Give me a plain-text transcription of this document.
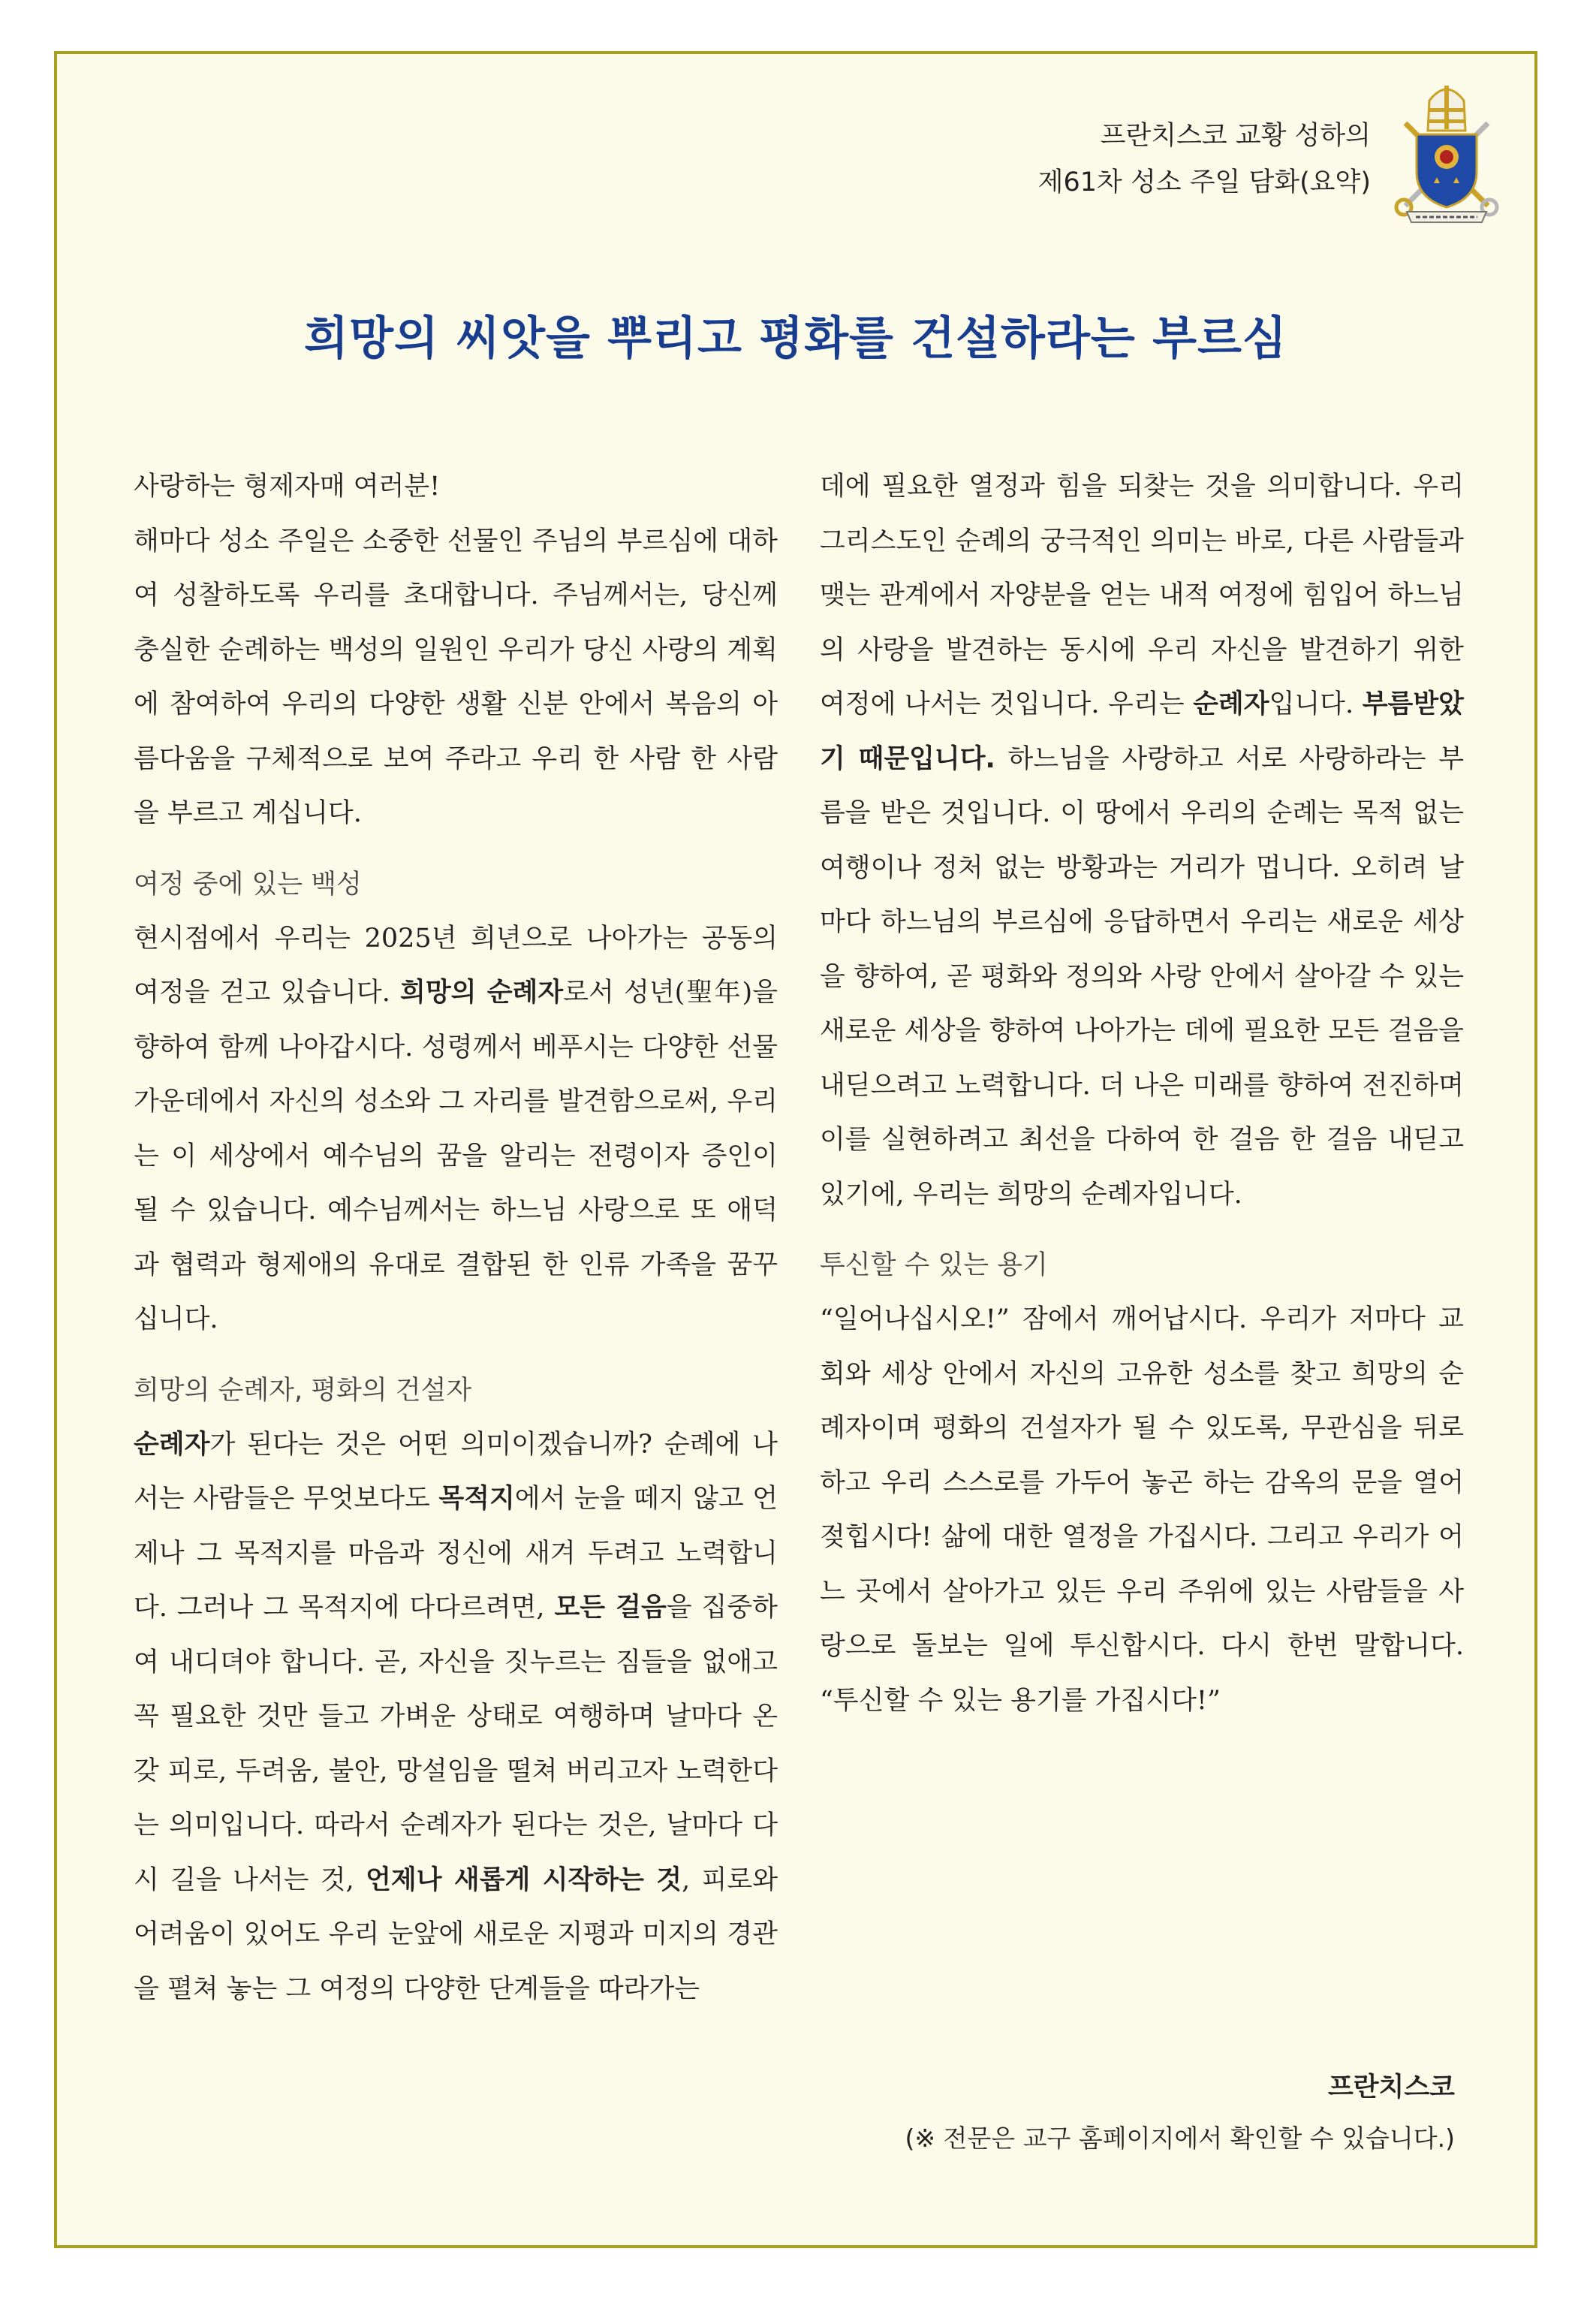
프란치스코 교황 성하의
제61차 성소 주일 담화(요약)
희망의 씨앗을 뿌리고 평화를 건설하라는 부르심

사랑하는 형제자매 여러분!

해마다 성소 주일은 소중한 선물인 주님의 부르심에 대하여 성찰하도록 우리를 초대합니다. 주님께서는, 당신께 충실한 순례하는 백성의 일원인 우리가 당신 사랑의 계획에 참여하여 우리의 다양한 생활 신분 안에서 복음의 아름다움을 구체적으로 보여 주라고 우리 한 사람 한 사람을 부르고 계십니다.

여정 중에 있는 백성

현시점에서 우리는 2025년 희년으로 나아가는 공동의 여정을 걷고 있습니다. 희망의 순례자로서 성년(聖年)을 향하여 함께 나아갑시다. 성령께서 베푸시는 다양한 선물 가운데에서 자신의 성소와 그 자리를 발견함으로써, 우리는 이 세상에서 예수님의 꿈을 알리는 전령이자 증인이 될 수 있습니다. 예수님께서는 하느님 사랑으로 또 애덕과 협력과 형제애의 유대로 결합된 한 인류 가족을 꿈꾸십니다.

희망의 순례자, 평화의 건설자

순례자가 된다는 것은 어떤 의미이겠습니까? 순례에 나서는 사람들은 무엇보다도 목적지에서 눈을 떼지 않고 언제나 그 목적지를 마음과 정신에 새겨 두려고 노력합니다. 그러나 그 목적지에 다다르려면, 모든 걸음을 집중하여 내디뎌야 합니다. 곧, 자신을 짓누르는 짐들을 없애고 꼭 필요한 것만 들고 가벼운 상태로 여행하며 날마다 온갖 피로, 두려움, 불안, 망설임을 떨쳐 버리고자 노력한다는 의미입니다. 따라서 순례자가 된다는 것은, 날마다 다시 길을 나서는 것, 언제나 새롭게 시작하는 것, 피로와 어려움이 있어도 우리 눈앞에 새로운 지평과 미지의 경관을 펼쳐 놓는 그 여정의 다양한 단계들을 따라가는

데에 필요한 열정과 힘을 되찾는 것을 의미합니다. 우리 그리스도인 순례의 궁극적인 의미는 바로, 다른 사람들과 맺는 관계에서 자양분을 얻는 내적 여정에 힘입어 하느님의 사랑을 발견하는 동시에 우리 자신을 발견하기 위한 여정에 나서는 것입니다. 우리는 순례자입니다. 부름받았기 때문입니다. 하느님을 사랑하고 서로 사랑하라는 부름을 받은 것입니다. 이 땅에서 우리의 순례는 목적 없는 여행이나 정처 없는 방황과는 거리가 멉니다. 오히려 날마다 하느님의 부르심에 응답하면서 우리는 새로운 세상을 향하여, 곧 평화와 정의와 사랑 안에서 살아갈 수 있는 새로운 세상을 향하여 나아가는 데에 필요한 모든 걸음을 내딛으려고 노력합니다. 더 나은 미래를 향하여 전진하며 이를 실현하려고 최선을 다하여 한 걸음 한 걸음 내딛고 있기에, 우리는 희망의 순례자입니다.

투신할 수 있는 용기

“일어나십시오!” 잠에서 깨어납시다. 우리가 저마다 교회와 세상 안에서 자신의 고유한 성소를 찾고 희망의 순례자이며 평화의 건설자가 될 수 있도록, 무관심을 뒤로하고 우리 스스로를 가두어 놓곤 하는 감옥의 문을 열어젖힙시다! 삶에 대한 열정을 가집시다. 그리고 우리가 어느 곳에서 살아가고 있든 우리 주위에 있는 사람들을 사랑으로 돌보는 일에 투신합시다. 다시 한번 말합니다. “투신할 수 있는 용기를 가집시다!”

프란치스코
(※ 전문은 교구 홈페이지에서 확인할 수 있습니다.)
